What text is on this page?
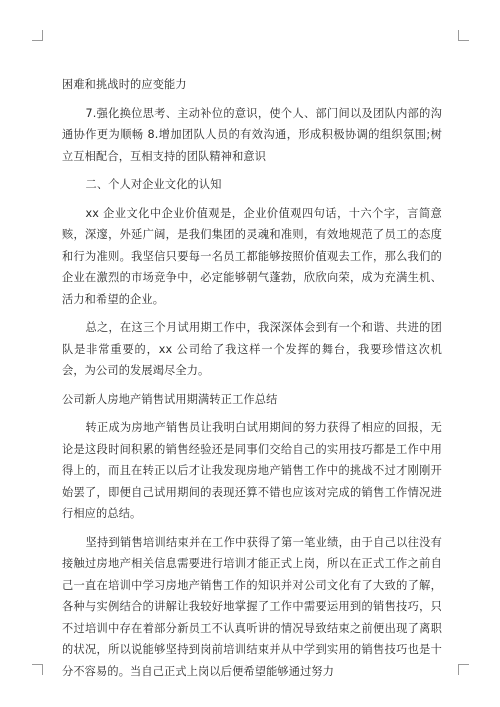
困难和挑战时的应变能力

7.强化换位思考、主动补位的意识，使个人、部门间以及团队内部的沟通协作更为顺畅 8.增加团队人员的有效沟通，形成积极协调的组织氛围;树立互相配合，互相支持的团队精神和意识

二、个人对企业文化的认知

xx 企业文化中企业价值观是，企业价值观四句话，十六个字，言简意赅，深邃，外延广阔，是我们集团的灵魂和准则，有效地规范了员工的态度和行为准则。我坚信只要每一名员工都能够按照价值观去工作，那么我们的企业在激烈的市场竞争中，必定能够朝气蓬勃，欣欣向荣，成为充满生机、活力和希望的企业。

总之，在这三个月试用期工作中，我深深体会到有一个和谐、共进的团队是非常重要的，xx 公司给了我这样一个发挥的舞台，我要珍惜这次机会，为公司的发展竭尽全力。

公司新人房地产销售试用期满转正工作总结

转正成为房地产销售员让我明白试用期间的努力获得了相应的回报，无论是这段时间积累的销售经验还是同事们交给自己的实用技巧都是工作中用得上的，而且在转正以后才让我发现房地产销售工作中的挑战不过才刚刚开始罢了，即便自己试用期间的表现还算不错也应该对完成的销售工作情况进行相应的总结。

坚持到销售培训结束并在工作中获得了第一笔业绩，由于自己以往没有接触过房地产相关信息需要进行培训才能正式上岗，所以在正式工作之前自己一直在培训中学习房地产销售工作的知识并对公司文化有了大致的了解，各种与实例结合的讲解让我较好地掌握了工作中需要运用到的销售技巧，只不过培训中存在着部分新员工不认真听讲的情况导致结束之前便出现了离职的状况，所以说能够坚持到岗前培训结束并从中学到实用的销售技巧也是十分不容易的。当自己正式上岗以后便希望能够通过努力
